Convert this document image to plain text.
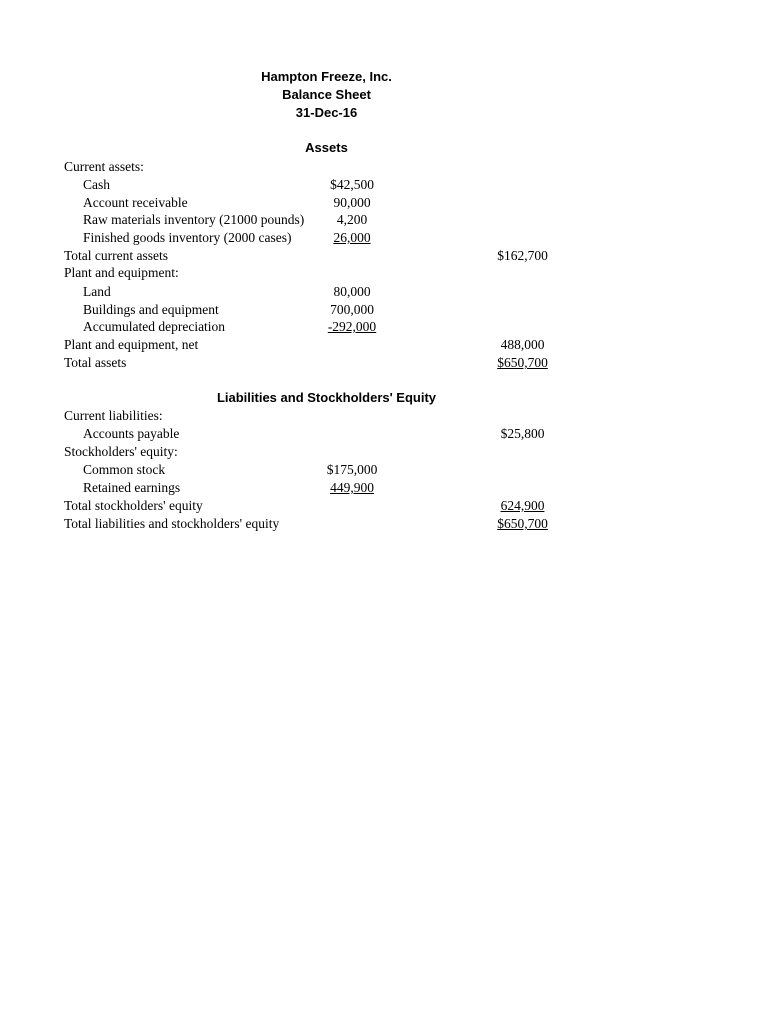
Hampton Freeze, Inc.
Balance Sheet
31-Dec-16
Assets
Current assets:
Cash	$42,500
Account receivable	90,000
Raw materials inventory (21000 pounds)	4,200
Finished goods inventory (2000 cases)	26,000
Total current assets	$162,700
Plant and equipment:
Land	80,000
Buildings and equipment	700,000
Accumulated depreciation	-292,000
Plant and equipment, net	488,000
Total assets	$650,700
Liabilities and Stockholders' Equity
Current liabilities:
Accounts payable	$25,800
Stockholders' equity:
Common stock	$175,000
Retained earnings	449,900
Total stockholders' equity	624,900
Total liabilities and stockholders' equity	$650,700
